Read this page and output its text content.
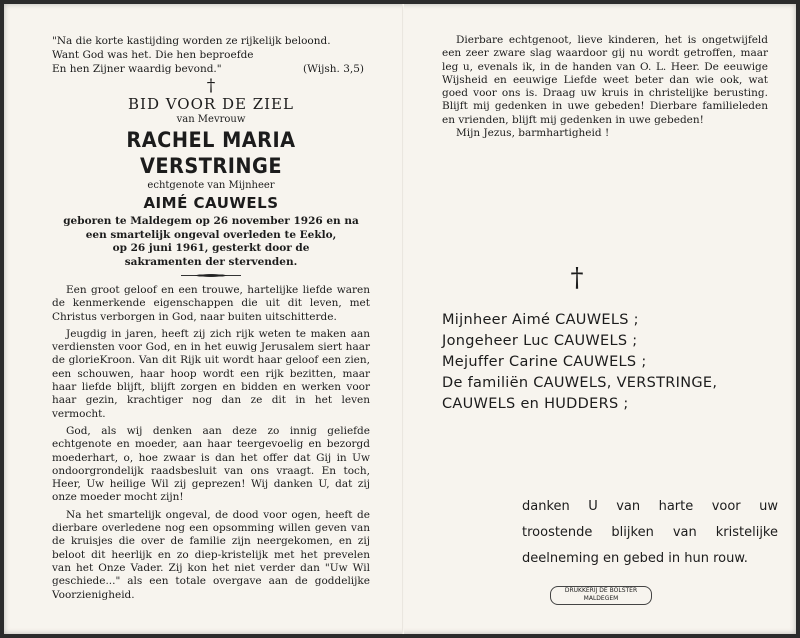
"Na die korte kastijding worden ze rijkelijk beloond.
Want God was het. Die hen beproefde
En hen Zijner waardig bevond."	(Wijsh. 3,5)
†
BID VOOR DE ZIEL
van Mevrouw
RACHEL MARIA VERSTRINGE
echtgenote van Mijnheer
AIMÉ CAUWELS
geboren te Maldegem op 26 november 1926 en na
een smartelijk ongeval overleden te Eeklo,
op 26 juni 1961, gesterkt door de
sakramenten der stervenden.

Een groot geloof en een trouwe, hartelijke liefde waren de kenmerkende eigenschappen die uit dit leven, met Christus verborgen in God, naar buiten uitschitterde.

Jeugdig in jaren, heeft zij zich rijk weten te maken aan verdiensten voor God, en in het euwig Jerusalem siert haar de glorieKroon. Van dit Rijk uit wordt haar geloof een zien, een schouwen, haar hoop wordt een rijk bezitten, maar haar liefde blijft, blijft zorgen en bidden en werken voor haar gezin, krachtiger nog dan ze dit in het leven vermocht.

God, als wij denken aan deze zo innig geliefde echtgenote en moeder, aan haar teergevoelig en bezorgd moederhart, o, hoe zwaar is dan het offer dat Gij in Uw ondoorgrondelijk raadsbesluit van ons vraagt. En toch, Heer, Uw heilige Wil zij geprezen! Wij danken U, dat zij onze moeder mocht zijn!

Na het smartelijk ongeval, de dood voor ogen, heeft de dierbare overledene nog een opsomming willen geven van de kruisjes die over de familie zijn neergekomen, en zij beloot dit heerlijk en zo diep-kristelijk met het prevelen van het Onze Vader. Zij kon het niet verder dan "Uw Wil geschiede..." als een totale overgave aan de goddelijke Voorzienigheid.

Dierbare echtgenoot, lieve kinderen, het is ongetwijfeld een zeer zware slag waardoor gij nu wordt getroffen, maar leg u, evenals ik, in de handen van O. L. Heer. De eeuwige Wijsheid en eeuwige Liefde weet beter dan wie ook, wat goed voor ons is. Draag uw kruis in christelijke berusting. Blijft mij gedenken in uwe gebeden! Dierbare familieleden en vrienden, blijft mij gedenken in uwe gebeden!

Mijn Jezus, barmhartigheid !

†
Mijnheer Aimé CAUWELS ;
Jongeheer Luc CAUWELS ;
Mejuffer Carine CAUWELS ;
De familiën CAUWELS, VERSTRINGE,
CAUWELS en HUDDERS ;
danken U van harte voor uw troostende blijken van kristelijke deelneming en gebed in hun rouw.
DRUKKERIJ DE BOLSTER
MALDEGEM
